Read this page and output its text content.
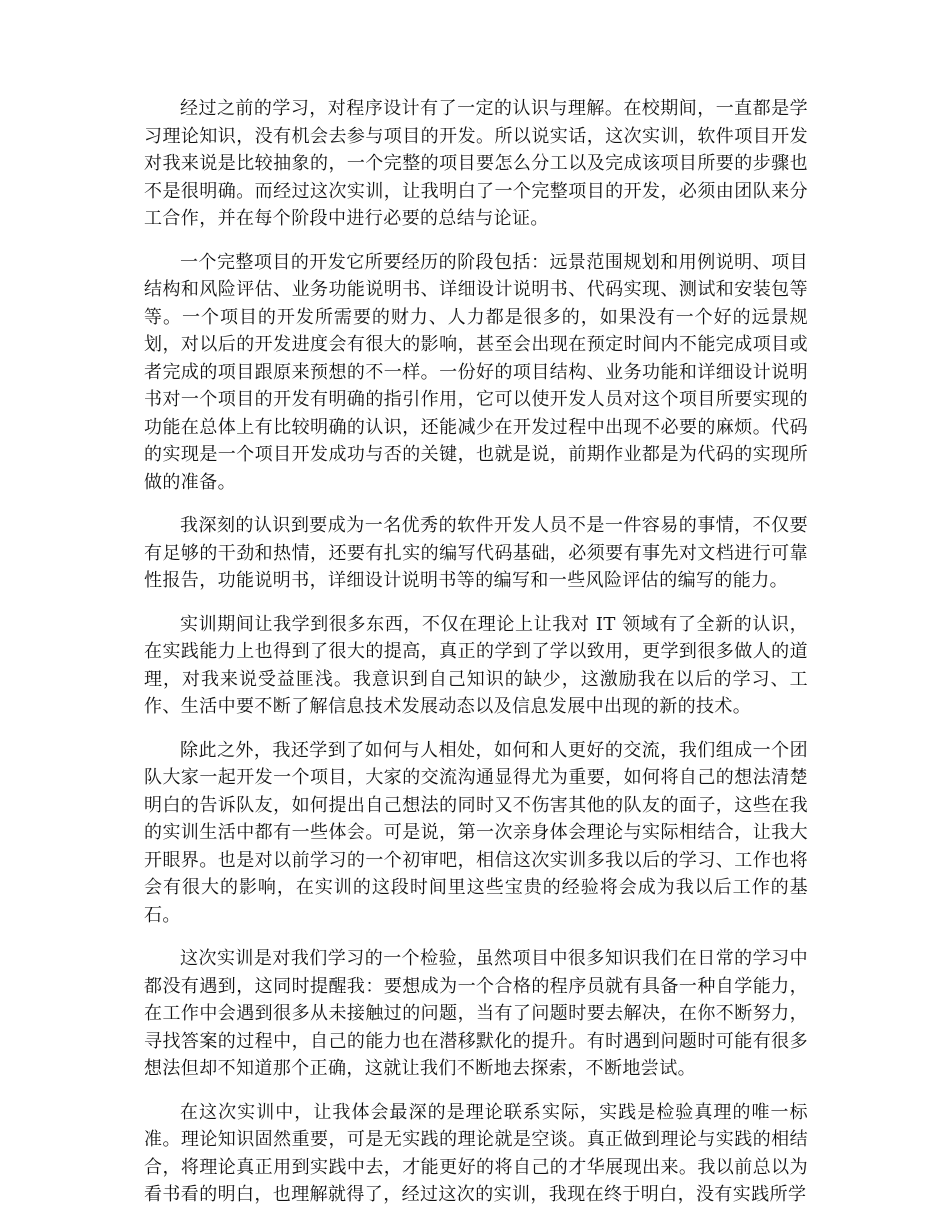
经过之前的学习，对程序设计有了一定的认识与理解。在校期间，一直都是学习理论知识，没有机会去参与项目的开发。所以说实话，这次实训，软件项目开发对我来说是比较抽象的，一个完整的项目要怎么分工以及完成该项目所要的步骤也不是很明确。而经过这次实训，让我明白了一个完整项目的开发，必须由团队来分工合作，并在每个阶段中进行必要的总结与论证。

一个完整项目的开发它所要经历的阶段包括：远景范围规划和用例说明、项目结构和风险评估、业务功能说明书、详细设计说明书、代码实现、测试和安装包等等。一个项目的开发所需要的财力、人力都是很多的，如果没有一个好的远景规划，对以后的开发进度会有很大的影响，甚至会出现在预定时间内不能完成项目或者完成的项目跟原来预想的不一样。一份好的项目结构、业务功能和详细设计说明书对一个项目的开发有明确的指引作用，它可以使开发人员对这个项目所要实现的功能在总体上有比较明确的认识，还能减少在开发过程中出现不必要的麻烦。代码的实现是一个项目开发成功与否的关键，也就是说，前期作业都是为代码的实现所做的准备。

我深刻的认识到要成为一名优秀的软件开发人员不是一件容易的事情，不仅要有足够的干劲和热情，还要有扎实的编写代码基础，必须要有事先对文档进行可靠性报告，功能说明书，详细设计说明书等的编写和一些风险评估的编写的能力。

实训期间让我学到很多东西，不仅在理论上让我对 IT 领域有了全新的认识，在实践能力上也得到了很大的提高，真正的学到了学以致用，更学到很多做人的道理，对我来说受益匪浅。我意识到自己知识的缺少，这激励我在以后的学习、工作、生活中要不断了解信息技术发展动态以及信息发展中出现的新的技术。

除此之外，我还学到了如何与人相处，如何和人更好的交流，我们组成一个团队大家一起开发一个项目，大家的交流沟通显得尤为重要，如何将自己的想法清楚明白的告诉队友，如何提出自己想法的同时又不伤害其他的队友的面子，这些在我的实训生活中都有一些体会。可是说，第一次亲身体会理论与实际相结合，让我大开眼界。也是对以前学习的一个初审吧，相信这次实训多我以后的学习、工作也将会有很大的影响，在实训的这段时间里这些宝贵的经验将会成为我以后工作的基石。

这次实训是对我们学习的一个检验，虽然项目中很多知识我们在日常的学习中都没有遇到，这同时提醒我：要想成为一个合格的程序员就有具备一种自学能力，在工作中会遇到很多从未接触过的问题，当有了问题时要去解决，在你不断努力，寻找答案的过程中，自己的能力也在潜移默化的提升。有时遇到问题时可能有很多想法但却不知道那个正确，这就让我们不断地去探索，不断地尝试。

在这次实训中，让我体会最深的是理论联系实际，实践是检验真理的唯一标准。理论知识固然重要，可是无实践的理论就是空谈。真正做到理论与实践的相结合，将理论真正用到实践中去，才能更好的将自己的才华展现出来。我以前总以为看书看的明白，也理解就得了，经过这次的实训，我现在终于明白，没有实践所学
